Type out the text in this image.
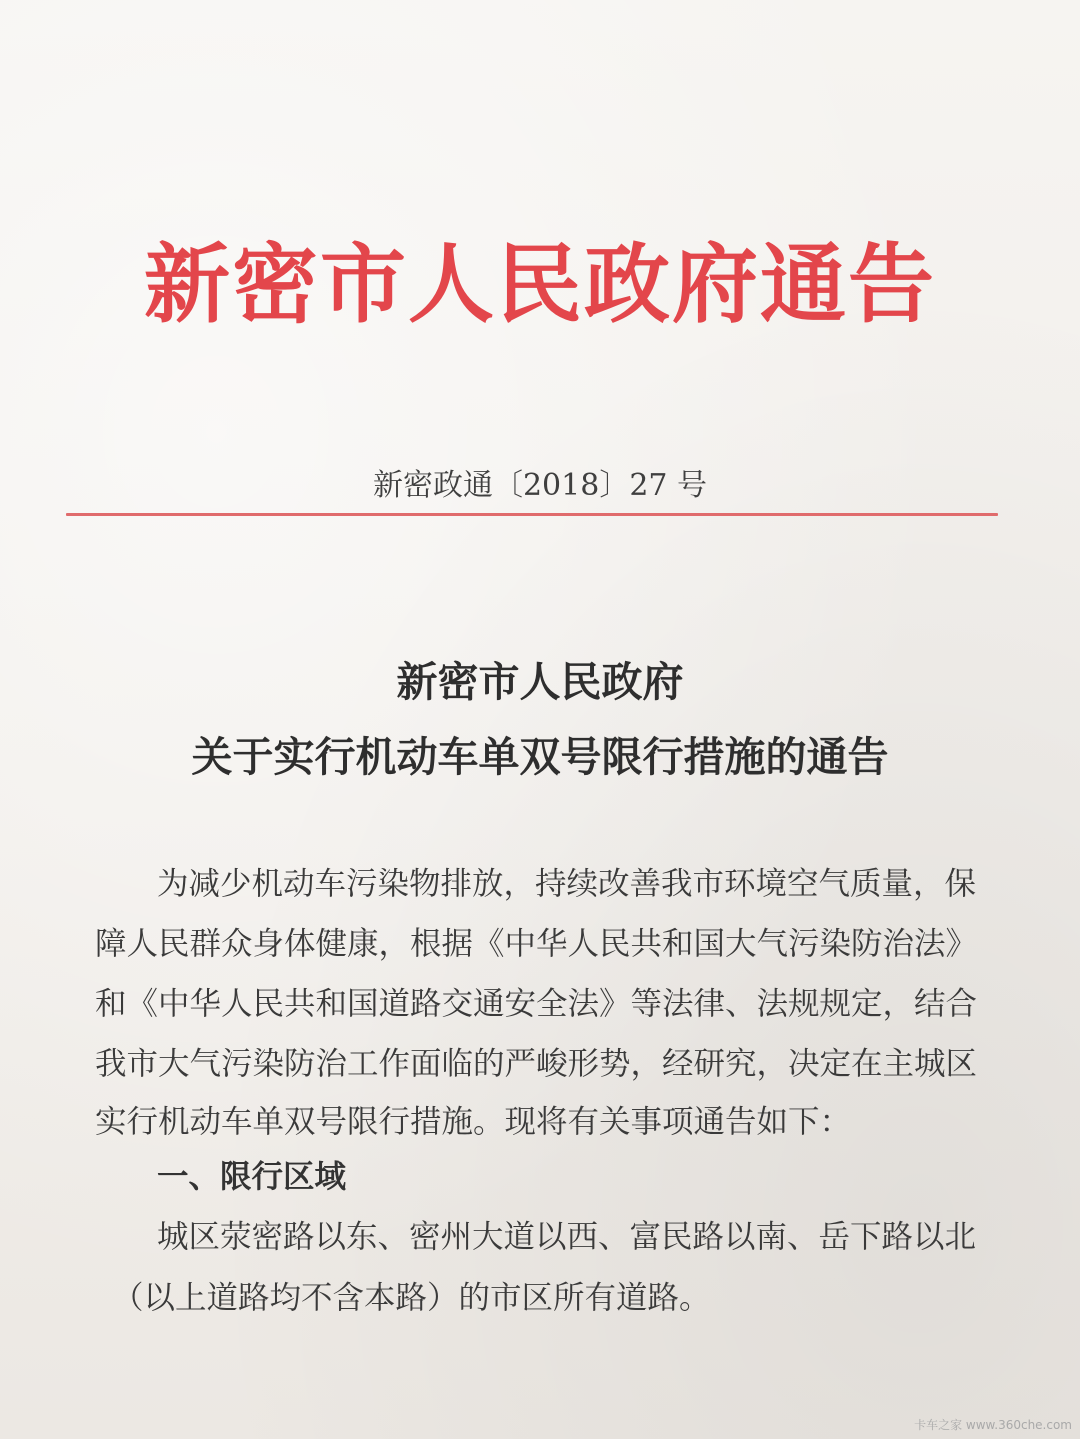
新密市人民政府通告

新密政通〔2018〕27 号

新密市人民政府
关于实行机动车单双号限行措施的通告

为减少机动车污染物排放，持续改善我市环境空气质量，保

障人民群众身体健康，根据《中华人民共和国大气污染防治法》

和《中华人民共和国道路交通安全法》等法律、法规规定，结合

我市大气污染防治工作面临的严峻形势，经研究，决定在主城区

实行机动车单双号限行措施。现将有关事项通告如下：

一、限行区域

城区荥密路以东、密州大道以西、富民路以南、岳下路以北

（以上道路均不含本路）的市区所有道路。

卡车之家 www.360che.com
